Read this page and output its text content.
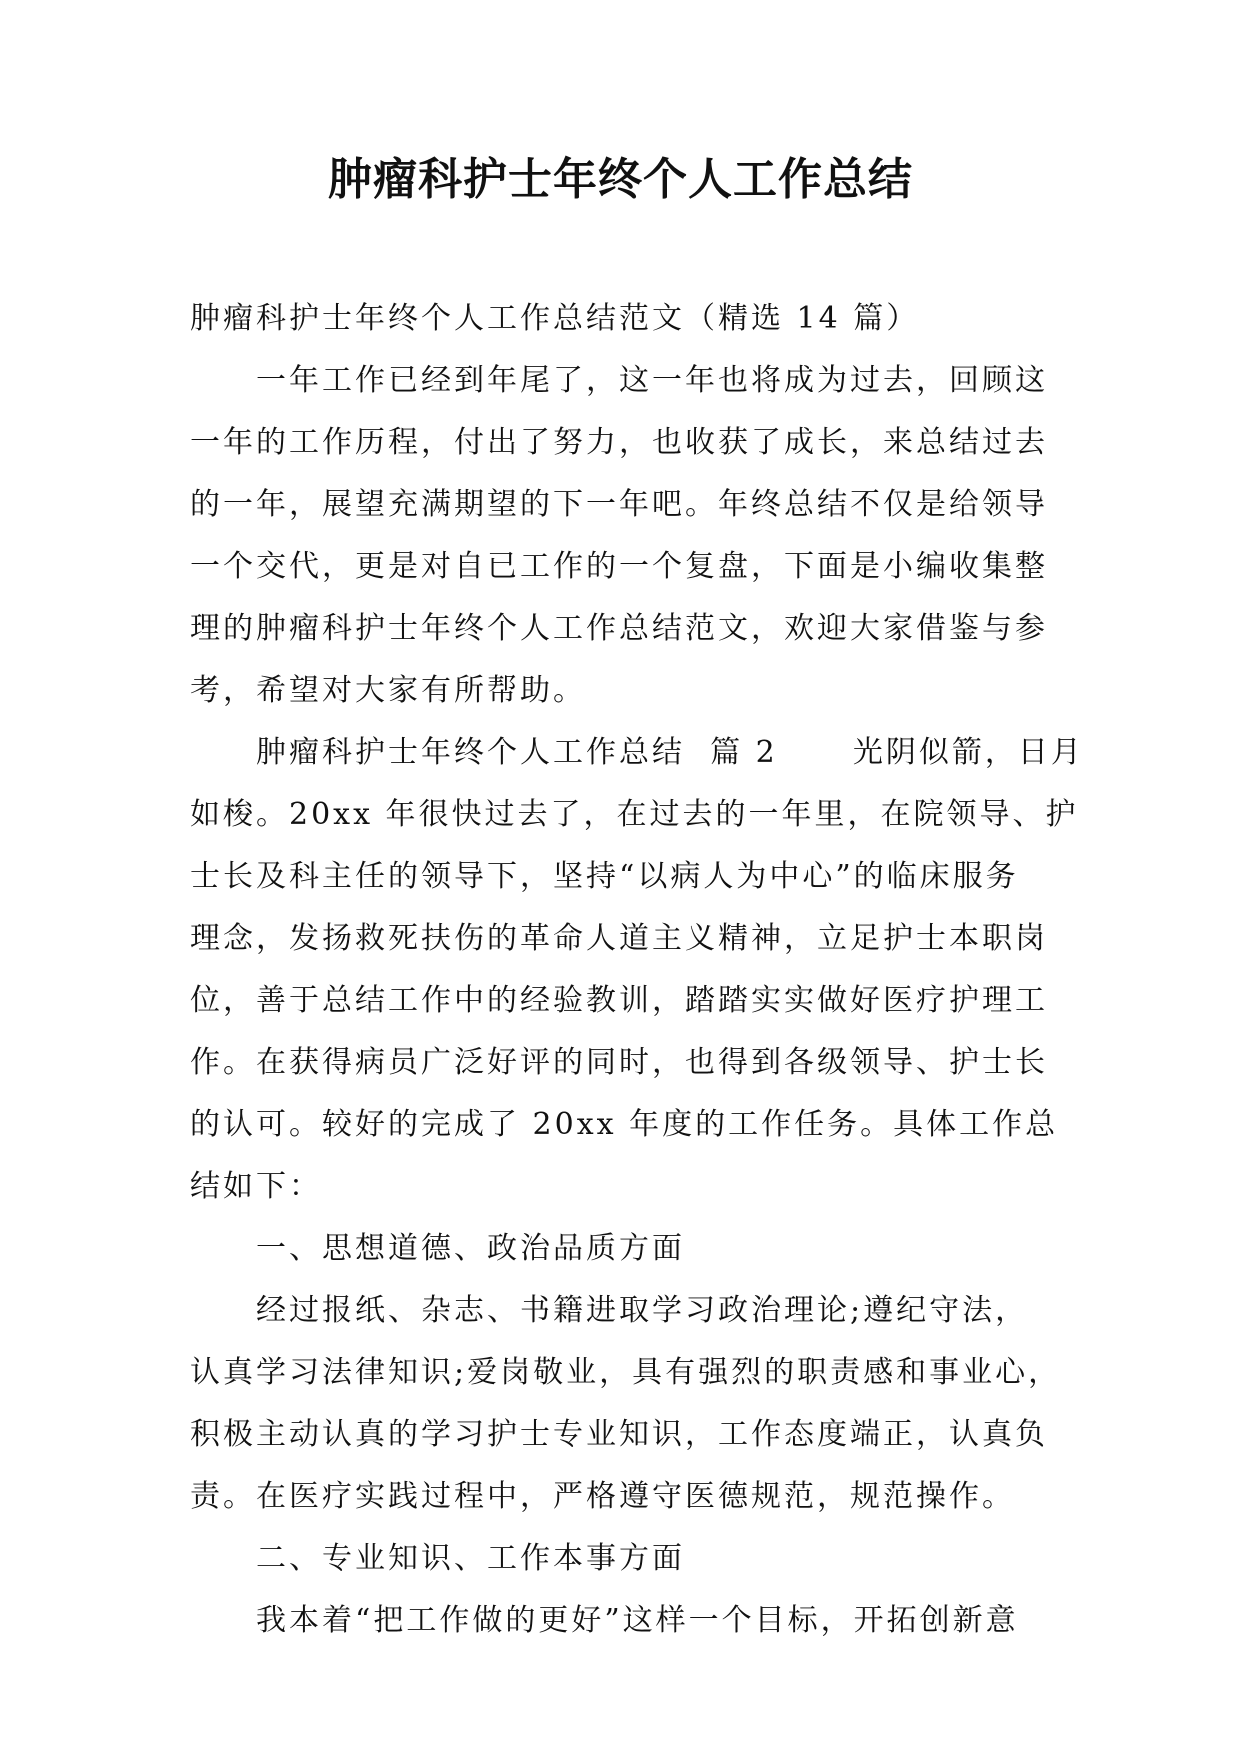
肿瘤科护士年终个人工作总结
肿瘤科护士年终个人工作总结范文（精选 14 篇）
一年工作已经到年尾了，这一年也将成为过去，回顾这
一年的工作历程，付出了努力，也收获了成长，来总结过去
的一年，展望充满期望的下一年吧。年终总结不仅是给领导
一个交代，更是对自已工作的一个复盘，下面是小编收集整
理的肿瘤科护士年终个人工作总结范文，欢迎大家借鉴与参
考，希望对大家有所帮助。
肿瘤科护士年终个人工作总结  篇 2      光阴似箭，日月
如梭。20xx 年很快过去了，在过去的一年里，在院领导、护
士长及科主任的领导下，坚持“以病人为中心”的临床服务
理念，发扬救死扶伤的革命人道主义精神，立足护士本职岗
位，善于总结工作中的经验教训，踏踏实实做好医疗护理工
作。在获得病员广泛好评的同时，也得到各级领导、护士长
的认可。较好的完成了 20xx 年度的工作任务。具体工作总
结如下：
一、思想道德、政治品质方面
经过报纸、杂志、书籍进取学习政治理论;遵纪守法，
认真学习法律知识;爱岗敬业，具有强烈的职责感和事业心，
积极主动认真的学习护士专业知识，工作态度端正，认真负
责。在医疗实践过程中，严格遵守医德规范，规范操作。
二、专业知识、工作本事方面
我本着“把工作做的更好”这样一个目标，开拓创新意
